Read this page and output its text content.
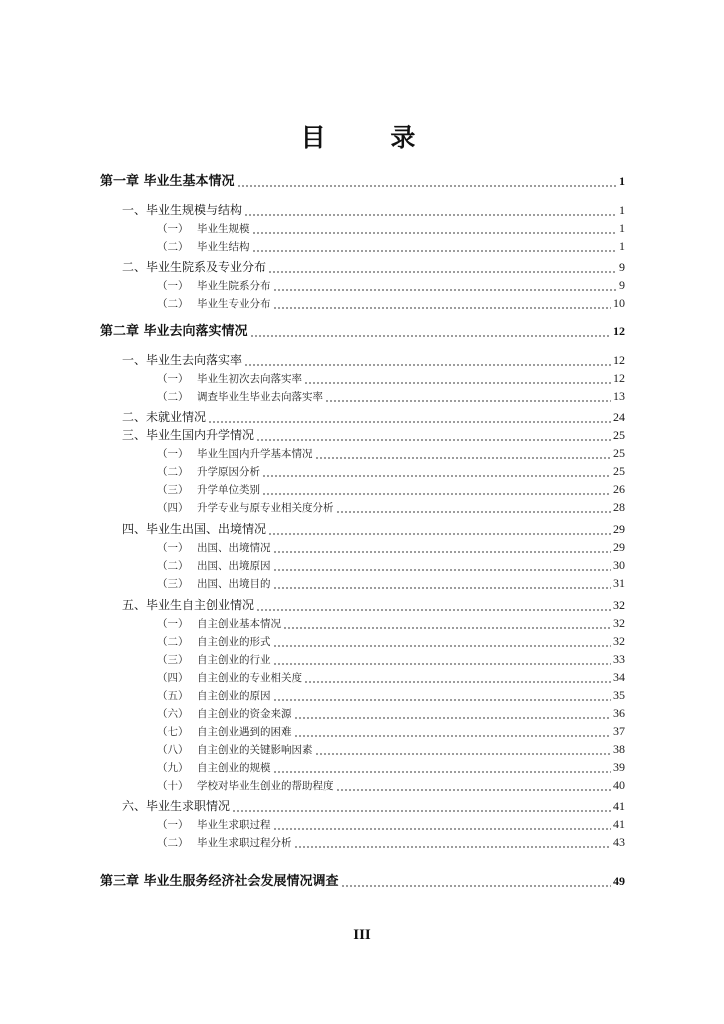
目 录
第一章 毕业生基本情况	1
一、毕业生规模与结构	1
（一） 毕业生规模	1
（二） 毕业生结构	1
二、毕业生院系及专业分布	9
（一） 毕业生院系分布	9
（二） 毕业生专业分布	10
第二章 毕业去向落实情况	12
一、毕业生去向落实率	12
（一） 毕业生初次去向落实率	12
（二） 调查毕业生毕业去向落实率	13
二、未就业情况	24
三、毕业生国内升学情况	25
（一） 毕业生国内升学基本情况	25
（二） 升学原因分析	25
（三） 升学单位类别	26
（四） 升学专业与原专业相关度分析	28
四、毕业生出国、出境情况	29
（一） 出国、出境情况	29
（二） 出国、出境原因	30
（三） 出国、出境目的	31
五、毕业生自主创业情况	32
（一） 自主创业基本情况	32
（二） 自主创业的形式	32
（三） 自主创业的行业	33
（四） 自主创业的专业相关度	34
（五） 自主创业的原因	35
（六） 自主创业的资金来源	36
（七） 自主创业遇到的困难	37
（八） 自主创业的关键影响因素	38
（九） 自主创业的规模	39
（十） 学校对毕业生创业的帮助程度	40
六、毕业生求职情况	41
（一） 毕业生求职过程	41
（二） 毕业生求职过程分析	43
第三章 毕业生服务经济社会发展情况调查	49
III
